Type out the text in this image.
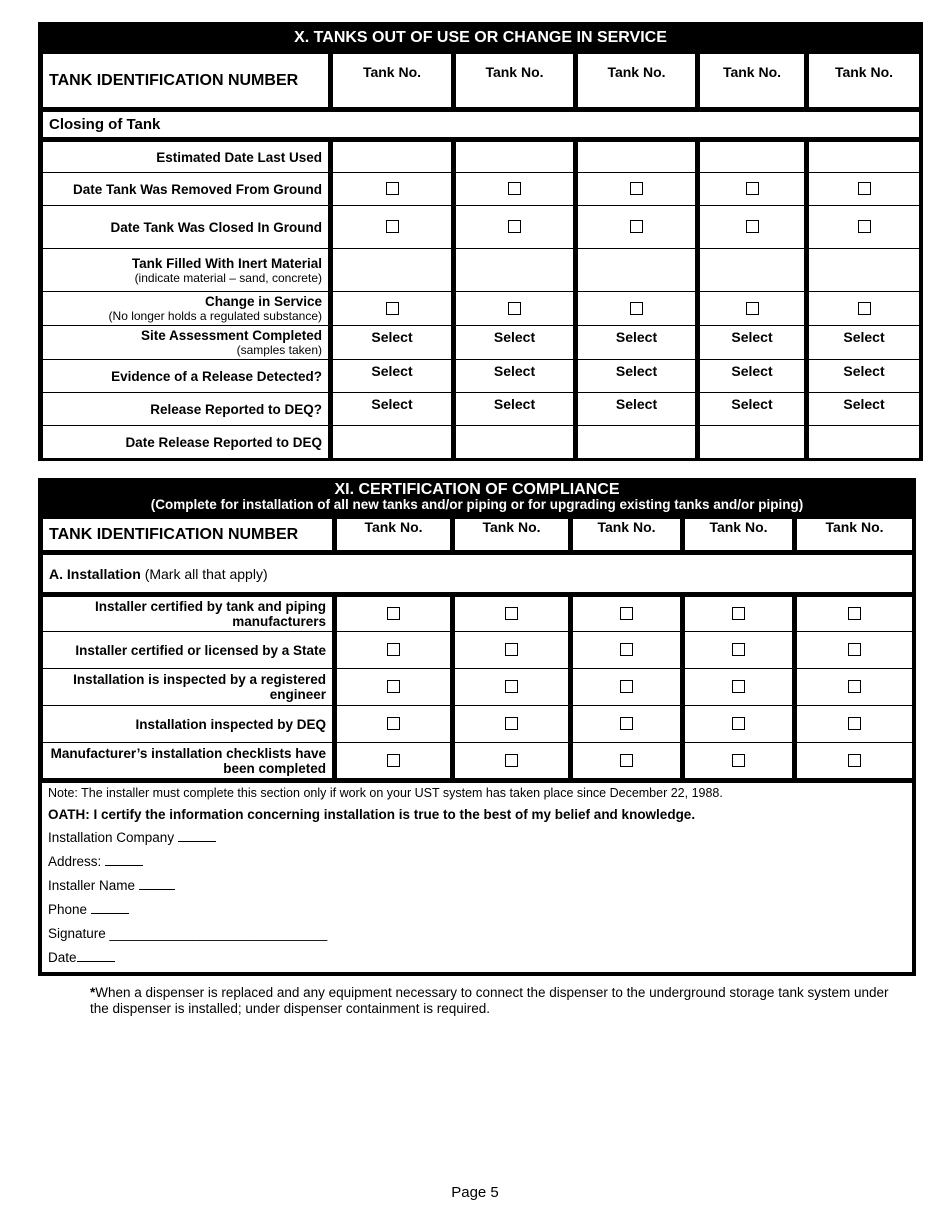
X. TANKS OUT OF USE OR CHANGE IN SERVICE
TANK IDENTIFICATION NUMBER	Tank No.	Tank No.	Tank No.	Tank No.	Tank No.
Closing of Tank					
Estimated Date Last Used					
Date Tank Was Removed From Ground					
Date Tank Was Closed In Ground					
Tank Filled With Inert Material
(indicate material – sand, concrete)					

Change in Service
(No longer holds a regulated substance)					

Site Assessment Completed
(samples taken)	Select	Select	Select	Select	Select
Evidence of a Release Detected?	Select	Select	Select	Select	Select
Release Reported to DEQ?	Select	Select	Select	Select	Select
Date Release Reported to DEQ					
XI. CERTIFICATION OF COMPLIANCE
(Complete for installation of all new tanks and/or piping or for upgrading existing tanks and/or piping)
TANK IDENTIFICATION NUMBER	Tank No.	Tank No.	Tank No.	Tank No.	Tank No.
A. Installation (Mark all that apply)					
Installer certified by tank and piping manufacturers					
Installer certified or licensed by a State					
Installation is inspected by a registered engineer					
Installation inspected by DEQ					
Manufacturer’s installation checklists have been completed					
Note: The installer must complete this section only if work on your UST system has taken place since December 22, 1988.
OATH: I certify the information concerning installation is true to the best of my belief and knowledge.
Installation Company
Address:
Installer Name
Phone
Signature _____________________________
Date
*When a dispenser is replaced and any equipment necessary to connect the dispenser to the underground storage tank system under the dispenser is installed; under dispenser containment is required.
Page 5
